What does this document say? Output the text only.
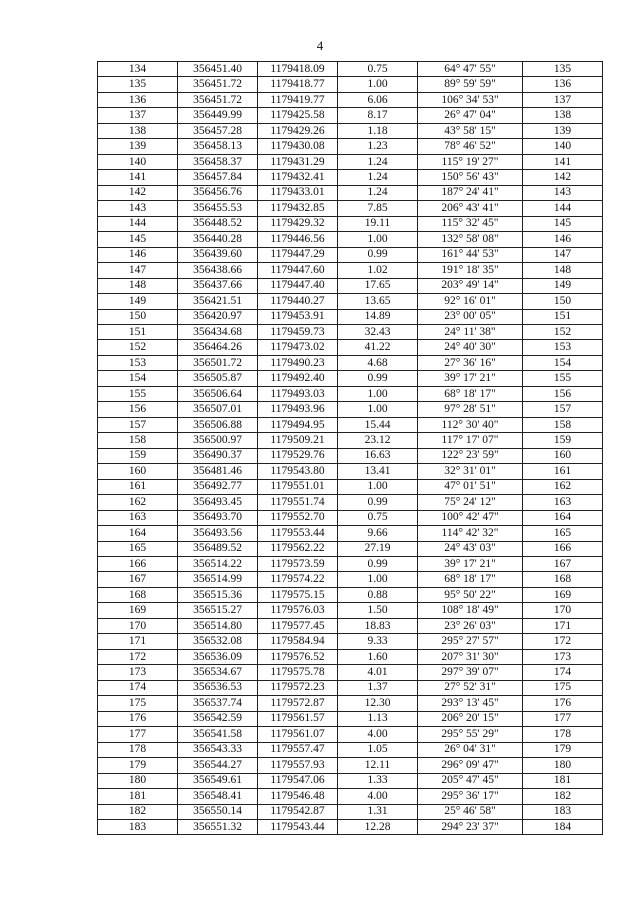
4
134	356451.40	1179418.09	0.75	64° 47' 55"	135
135	356451.72	1179418.77	1.00	89° 59' 59"	136
136	356451.72	1179419.77	6.06	106° 34' 53"	137
137	356449.99	1179425.58	8.17	26° 47' 04"	138
138	356457.28	1179429.26	1.18	43° 58' 15"	139
139	356458.13	1179430.08	1.23	78° 46' 52"	140
140	356458.37	1179431.29	1.24	115° 19' 27"	141
141	356457.84	1179432.41	1.24	150° 56' 43"	142
142	356456.76	1179433.01	1.24	187° 24' 41"	143
143	356455.53	1179432.85	7.85	206° 43' 41"	144
144	356448.52	1179429.32	19.11	115° 32' 45"	145
145	356440.28	1179446.56	1.00	132° 58' 08"	146
146	356439.60	1179447.29	0.99	161° 44' 53"	147
147	356438.66	1179447.60	1.02	191° 18' 35"	148
148	356437.66	1179447.40	17.65	203° 49' 14"	149
149	356421.51	1179440.27	13.65	92° 16' 01"	150
150	356420.97	1179453.91	14.89	23° 00' 05"	151
151	356434.68	1179459.73	32.43	24° 11' 38"	152
152	356464.26	1179473.02	41.22	24° 40' 30"	153
153	356501.72	1179490.23	4.68	27° 36' 16"	154
154	356505.87	1179492.40	0.99	39° 17' 21"	155
155	356506.64	1179493.03	1.00	68° 18' 17"	156
156	356507.01	1179493.96	1.00	97° 28' 51"	157
157	356506.88	1179494.95	15.44	112° 30' 40"	158
158	356500.97	1179509.21	23.12	117° 17' 07"	159
159	356490.37	1179529.76	16.63	122° 23' 59"	160
160	356481.46	1179543.80	13.41	32° 31' 01"	161
161	356492.77	1179551.01	1.00	47° 01' 51"	162
162	356493.45	1179551.74	0.99	75° 24' 12"	163
163	356493.70	1179552.70	0.75	100° 42' 47"	164
164	356493.56	1179553.44	9.66	114° 42' 32"	165
165	356489.52	1179562.22	27.19	24° 43' 03"	166
166	356514.22	1179573.59	0.99	39° 17' 21"	167
167	356514.99	1179574.22	1.00	68° 18' 17"	168
168	356515.36	1179575.15	0.88	95° 50' 22"	169
169	356515.27	1179576.03	1.50	108° 18' 49"	170
170	356514.80	1179577.45	18.83	23° 26' 03"	171
171	356532.08	1179584.94	9.33	295° 27' 57"	172
172	356536.09	1179576.52	1.60	207° 31' 30"	173
173	356534.67	1179575.78	4.01	297° 39' 07"	174
174	356536.53	1179572.23	1.37	27° 52' 31"	175
175	356537.74	1179572.87	12.30	293° 13' 45"	176
176	356542.59	1179561.57	1.13	206° 20' 15"	177
177	356541.58	1179561.07	4.00	295° 55' 29"	178
178	356543.33	1179557.47	1.05	26° 04' 31"	179
179	356544.27	1179557.93	12.11	296° 09' 47"	180
180	356549.61	1179547.06	1.33	205° 47' 45"	181
181	356548.41	1179546.48	4.00	295° 36' 17"	182
182	356550.14	1179542.87	1.31	25° 46' 58"	183
183	356551.32	1179543.44	12.28	294° 23' 37"	184
